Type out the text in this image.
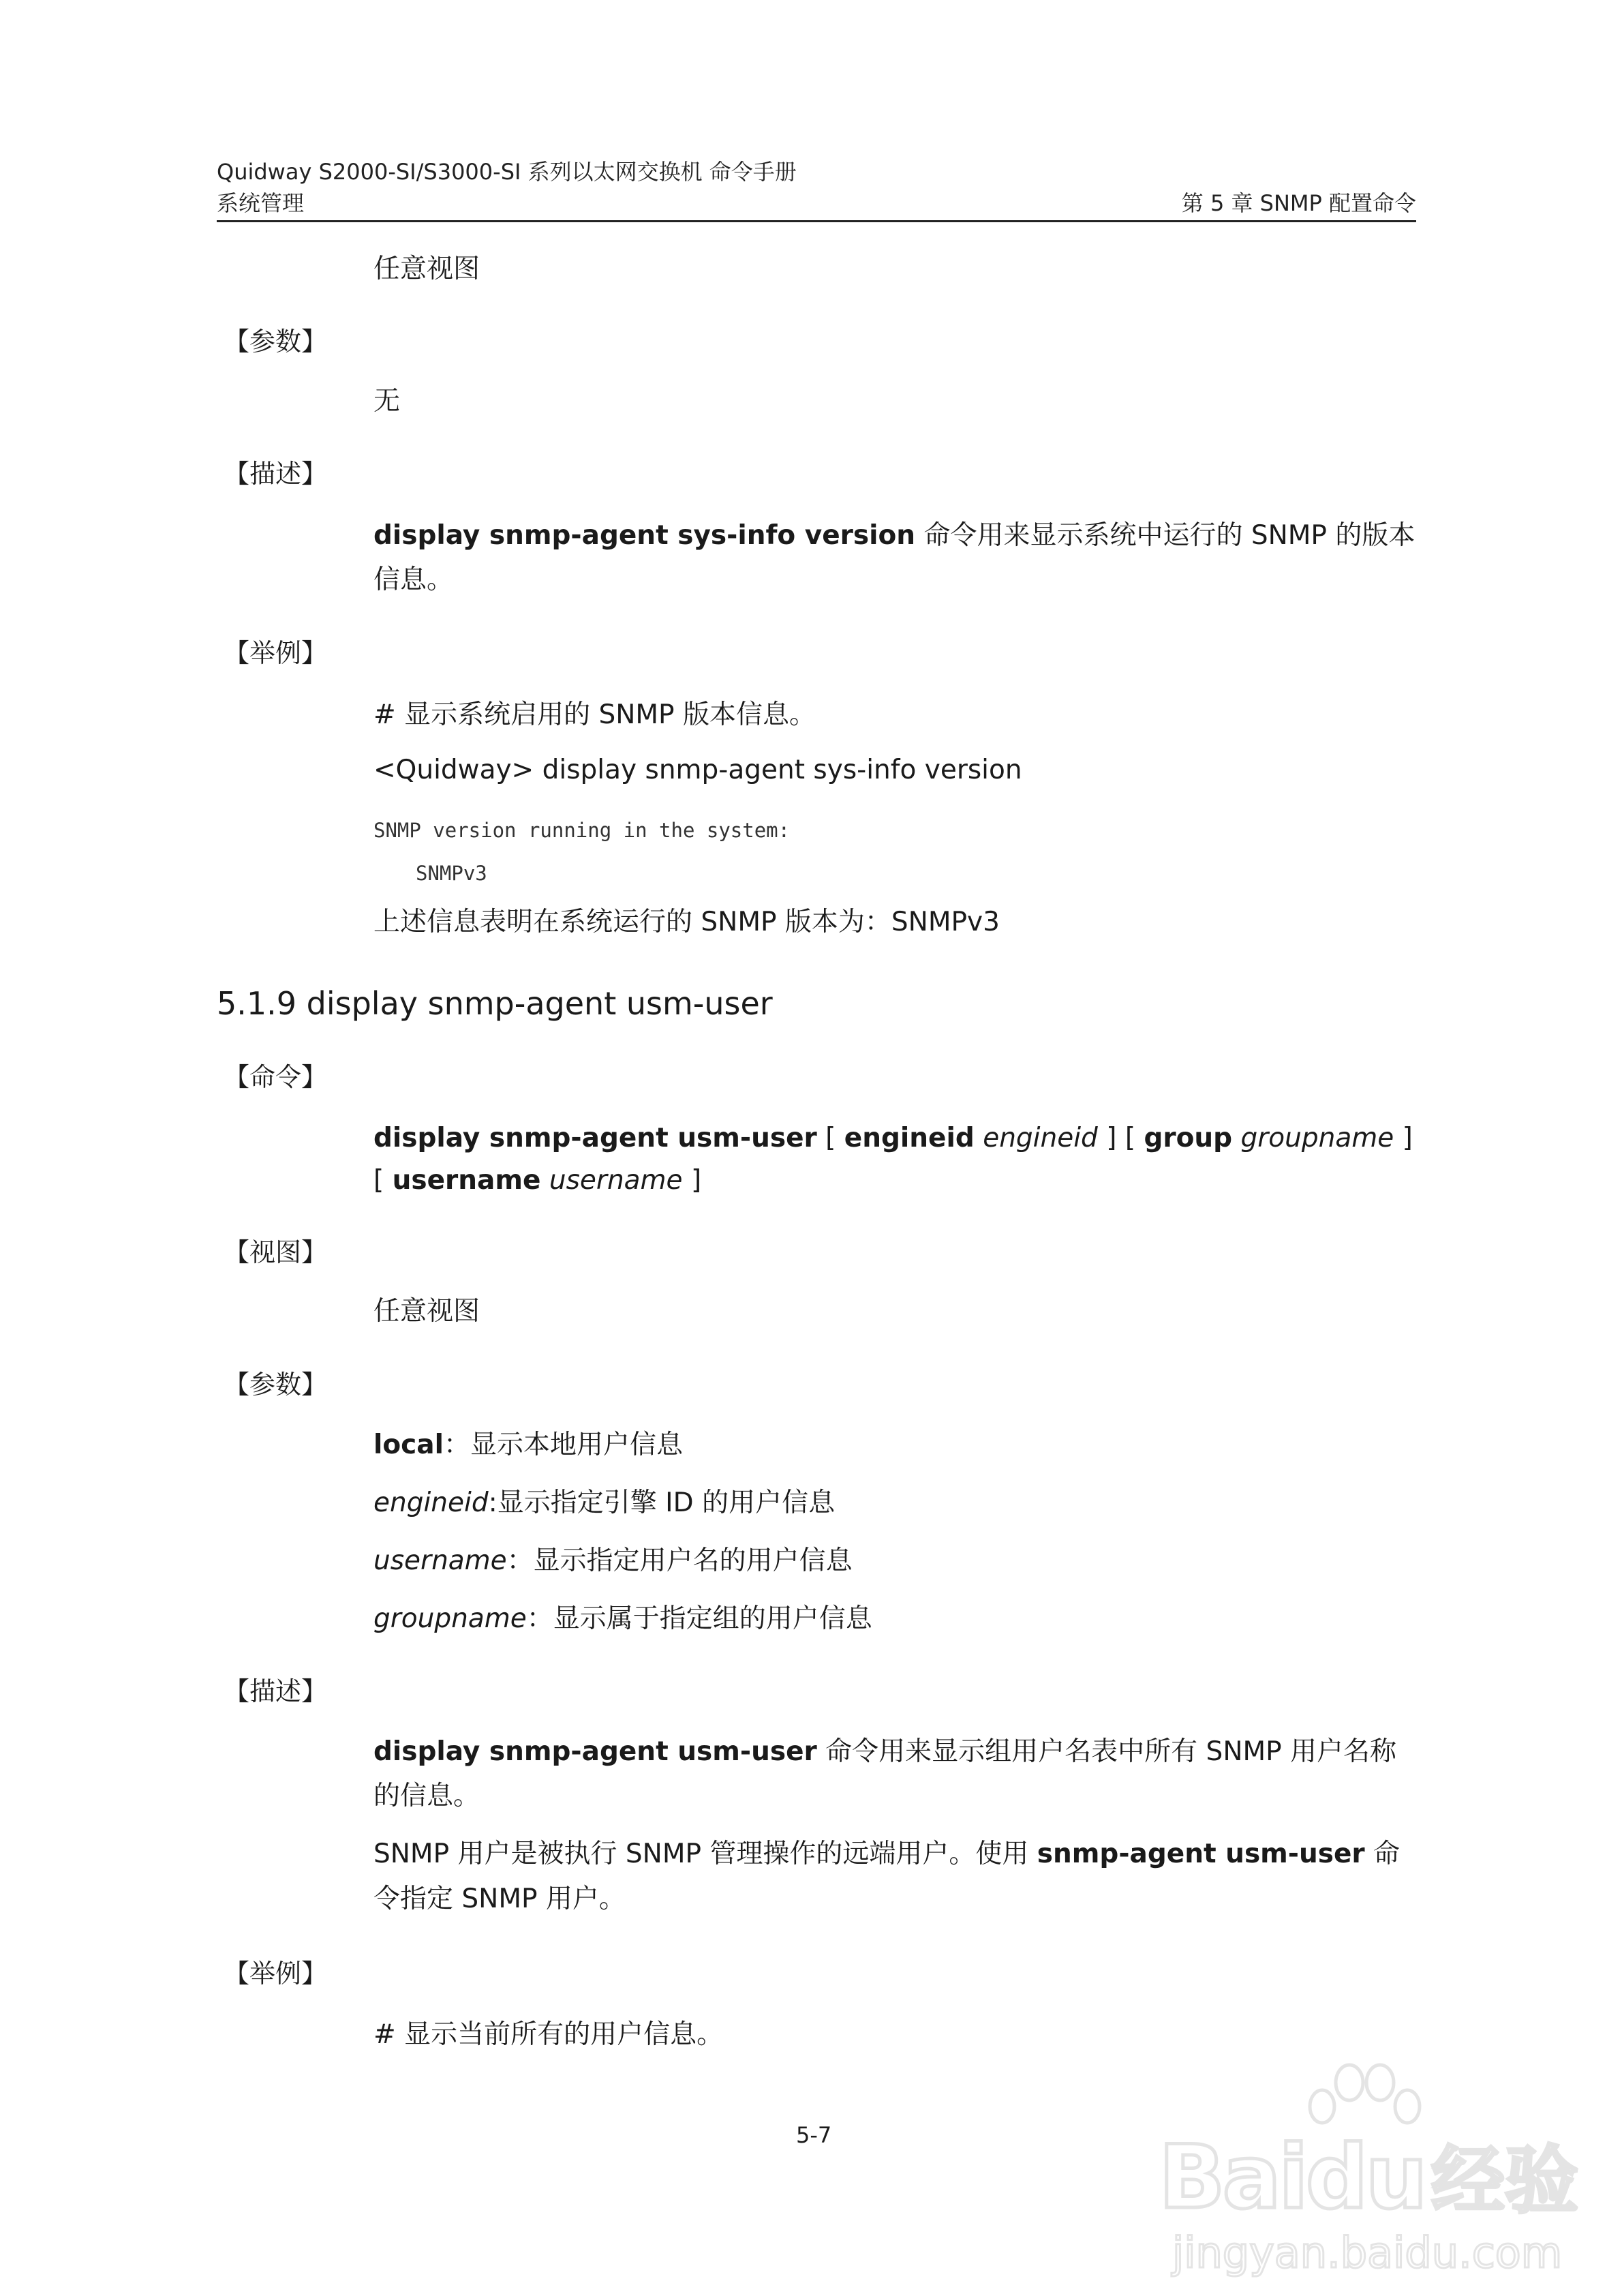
Quidway S2000-SI/S3000-SI 系列以太网交换机 命令手册
系统管理	第 5 章 SNMP 配置命令
任意视图
【参数】
无
【描述】
display snmp-agent sys-info version 命令用来显示系统中运行的 SNMP 的版本
信息。
【举例】
# 显示系统启用的 SNMP 版本信息。
<Quidway> display snmp-agent sys-info version
SNMP version running in the system:
SNMPv3
上述信息表明在系统运行的 SNMP 版本为：SNMPv3
5.1.9 display snmp-agent usm-user
【命令】
display snmp-agent usm-user [ engineid engineid ] [ group groupname ]
[ username username ]
【视图】
任意视图
【参数】
local：显示本地用户信息
engineid:显示指定引擎 ID 的用户信息
username：显示指定用户名的用户信息
groupname：显示属于指定组的用户信息
【描述】
display snmp-agent usm-user 命令用来显示组用户名表中所有 SNMP 用户名称
的信息。
SNMP 用户是被执行 SNMP 管理操作的远端用户。使用 snmp-agent usm-user 命
令指定 SNMP 用户。
【举例】
# 显示当前所有的用户信息。
5-7	Baidu 经验
jingyan.baidu.com
